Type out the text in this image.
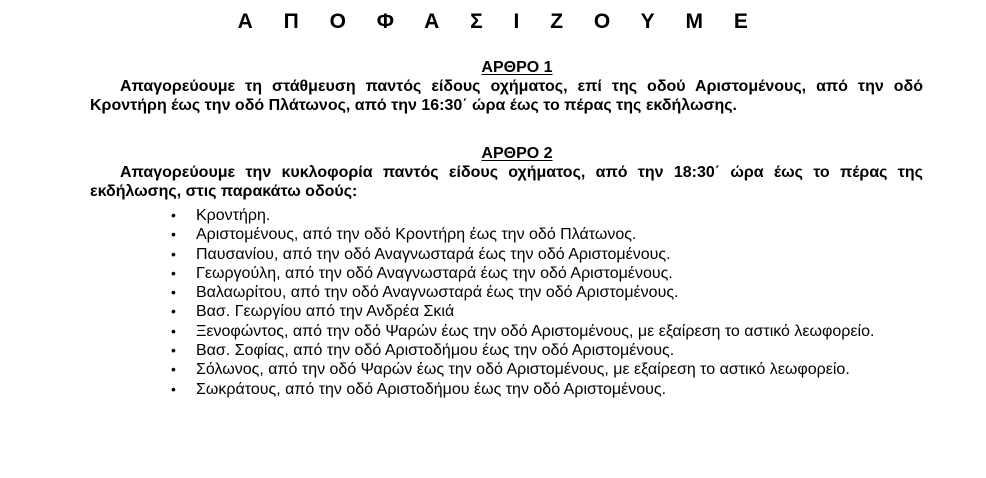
Α Π Ο Φ Α Σ Ι Ζ Ο Υ Μ Ε
ΑΡΘΡΟ 1

Απαγορεύουμε τη στάθμευση παντός είδους οχήματος, επί της οδού Αριστομένους, από την οδό Κροντήρη έως την οδό Πλάτωνος, από την 16:30΄ ώρα έως το πέρας της εκδήλωσης.

ΑΡΘΡΟ 2

Απαγορεύουμε την κυκλοφορία παντός είδους οχήματος, από την 18:30΄ ώρα έως το πέρας της εκδήλωσης, στις παρακάτω οδούς:

• Κροντήρη.
• Αριστομένους, από την οδό Κροντήρη έως την οδό Πλάτωνος.
• Παυσανίου, από την οδό Αναγνωσταρά έως την οδό Αριστομένους.
• Γεωργούλη, από την οδό Αναγνωσταρά έως την οδό Αριστομένους.
• Βαλαωρίτου, από την οδό Αναγνωσταρά έως την οδό Αριστομένους.
• Βασ. Γεωργίου από την Ανδρέα Σκιά
• Ξενοφώντος, από την οδό Ψαρών έως την οδό Αριστομένους, με εξαίρεση το αστικό λεωφορείο.
• Βασ. Σοφίας, από την οδό Αριστοδήμου έως την οδό Αριστομένους.
• Σόλωνος, από την οδό Ψαρών έως την οδό Αριστομένους, με εξαίρεση το αστικό λεωφορείο.
• Σωκράτους, από την οδό Αριστοδήμου έως την οδό Αριστομένους.
